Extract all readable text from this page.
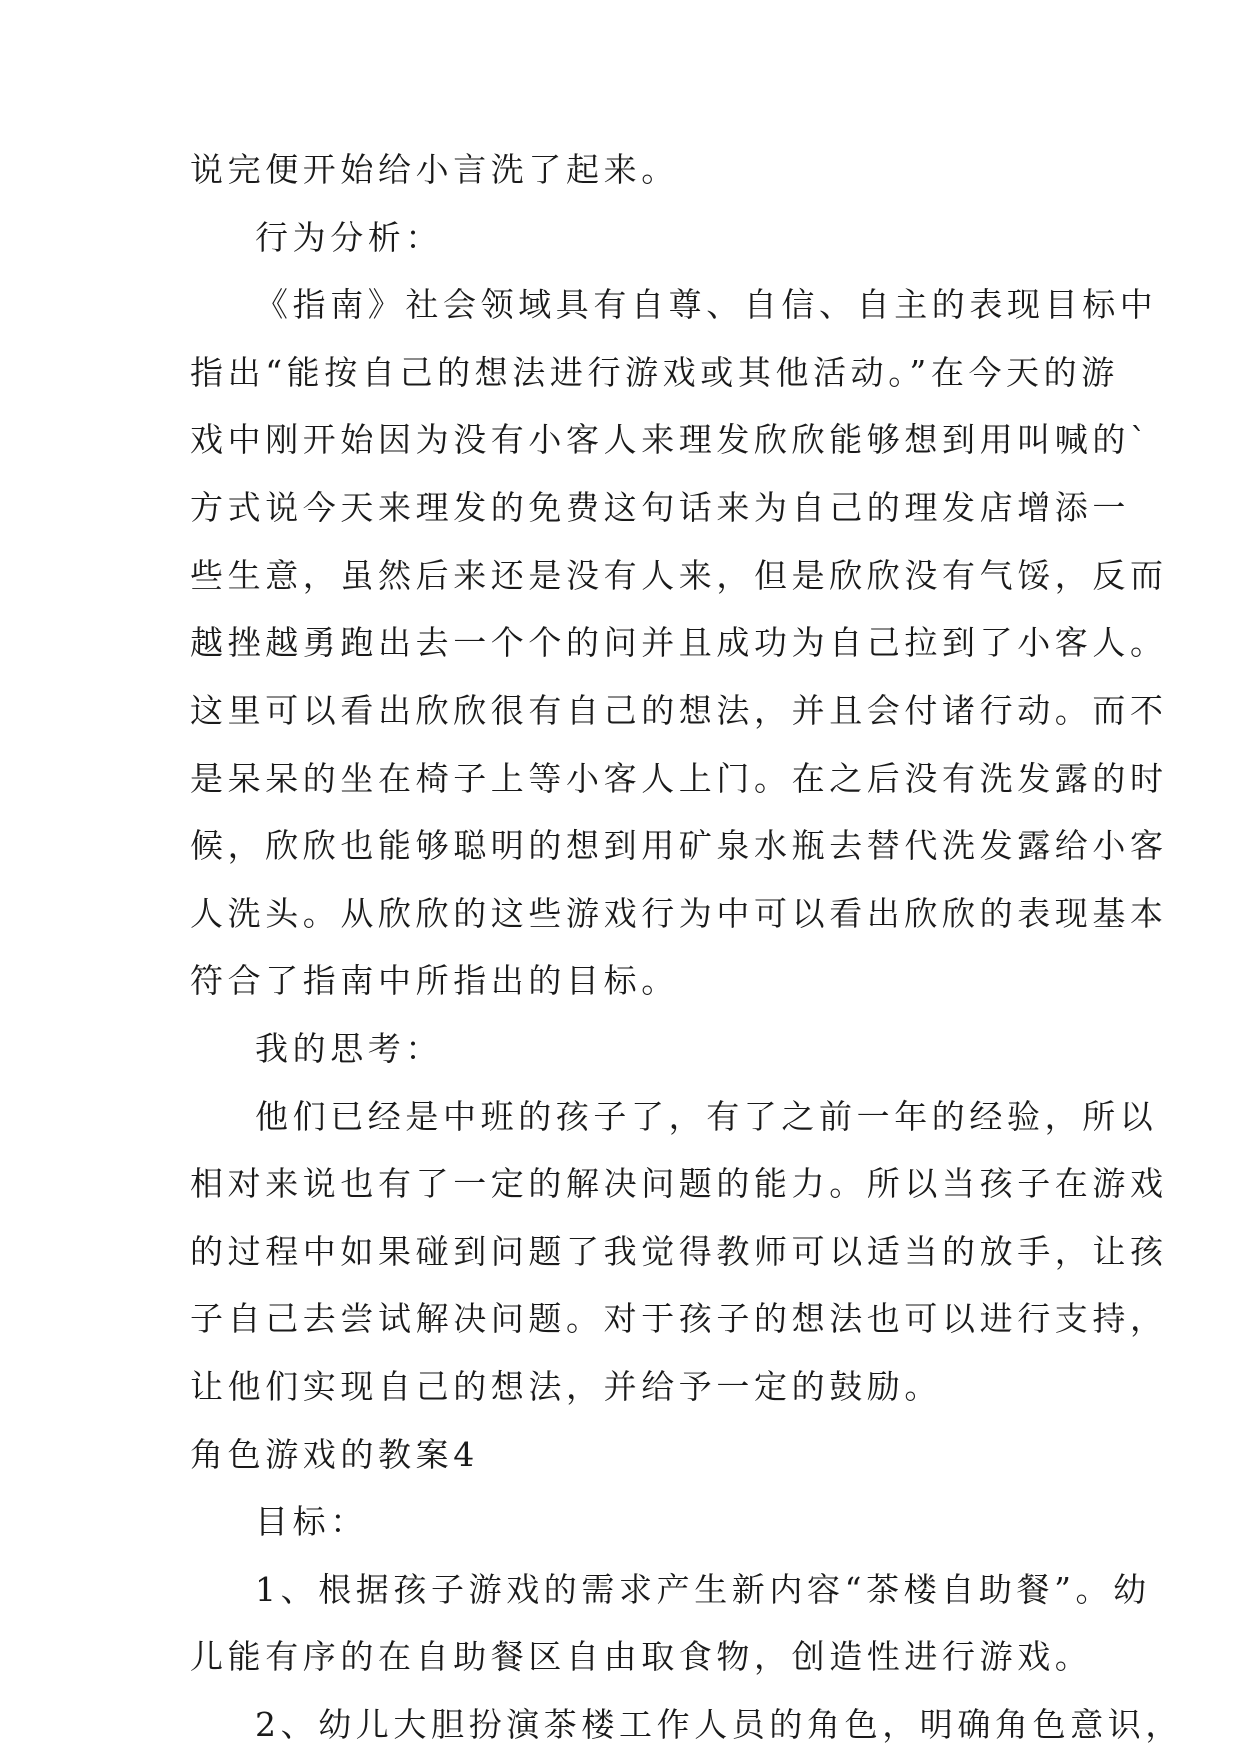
说完便开始给小言洗了起来。
行为分析：
《指南》社会领域具有自尊、自信、自主的表现目标中
指出“能按自己的想法进行游戏或其他活动。”在今天的游
戏中刚开始因为没有小客人来理发欣欣能够想到用叫喊的`
方式说今天来理发的免费这句话来为自己的理发店增添一
些生意，虽然后来还是没有人来，但是欣欣没有气馁，反而
越挫越勇跑出去一个个的问并且成功为自己拉到了小客人。
这里可以看出欣欣很有自己的想法，并且会付诸行动。而不
是呆呆的坐在椅子上等小客人上门。在之后没有洗发露的时
候，欣欣也能够聪明的想到用矿泉水瓶去替代洗发露给小客
人洗头。从欣欣的这些游戏行为中可以看出欣欣的表现基本
符合了指南中所指出的目标。
我的思考：
他们已经是中班的孩子了，有了之前一年的经验，所以
相对来说也有了一定的解决问题的能力。所以当孩子在游戏
的过程中如果碰到问题了我觉得教师可以适当的放手，让孩
子自己去尝试解决问题。对于孩子的想法也可以进行支持，
让他们实现自己的想法，并给予一定的鼓励。
角色游戏的教案4
目标：
1、根据孩子游戏的需求产生新内容“茶楼自助餐”。幼
儿能有序的在自助餐区自由取食物，创造性进行游戏。
2、幼儿大胆扮演茶楼工作人员的角色，明确角色意识，
